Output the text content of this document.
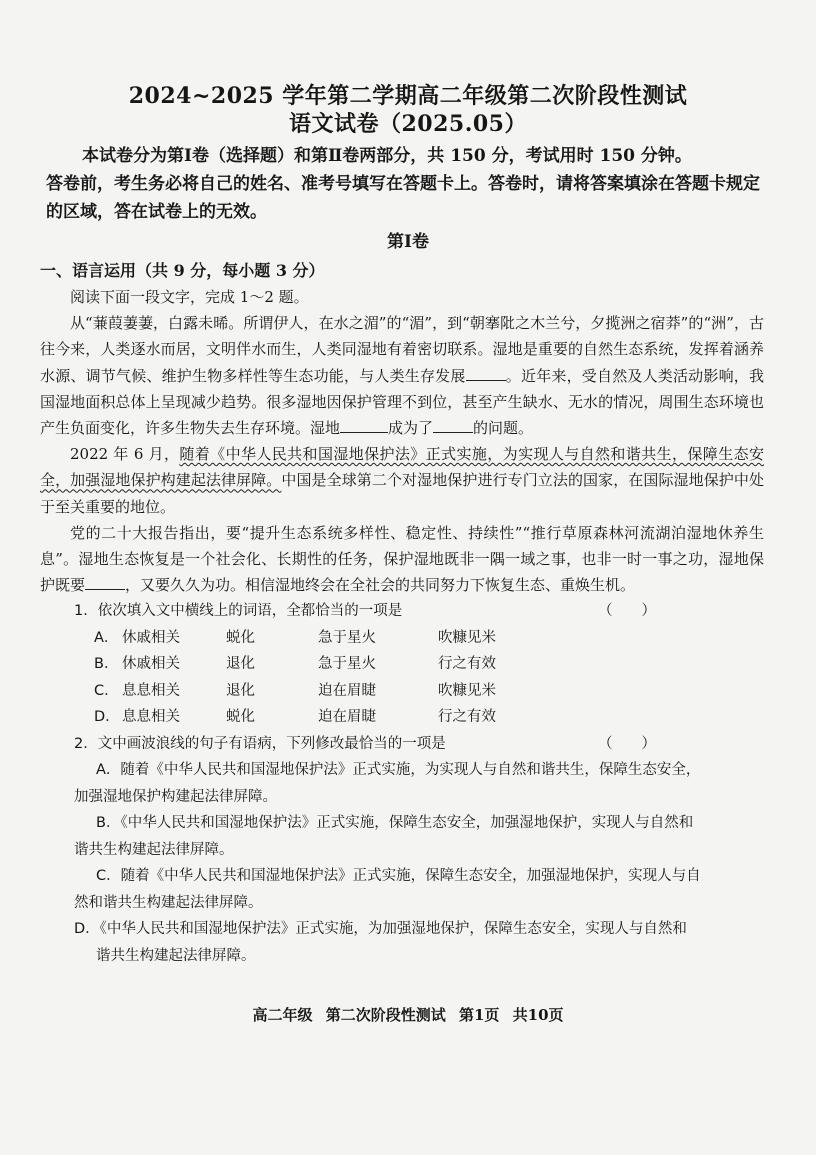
2024~2025 学年第二学期高二年级第二次阶段性测试
语文试卷（2025.05）

本试卷分为第Ⅰ卷（选择题）和第Ⅱ卷两部分，共 150 分，考试用时 150 分钟。

答卷前，考生务必将自己的姓名、准考号填写在答题卡上。答卷时，请将答案填涂在答题卡规定的区域，答在试卷上的无效。

第Ⅰ卷
一、语言运用（共 9 分，每小题 3 分）

阅读下面一段文字，完成 1～2 题。

从“蒹葭萋萋，白露未晞。所谓伊人，在水之湄”的“湄”，到“朝搴阰之木兰兮，夕揽洲之宿莽”的“洲”，古往今来，人类逐水而居，文明伴水而生，人类同湿地有着密切联系。湿地是重要的自然生态系统，发挥着涵养水源、调节气候、维护生物多样性等生态功能，与人类生存发展	。近年来，受自然及人类活动影响，我国湿地面积总体上呈现减少趋势。很多湿地因保护管理不到位，甚至产生缺水、无水的情况，周围生态环境也产生负面变化，许多生物失去生存环境。湿地	成为了	的问题。

2022 年 6 月，随着《中华人民共和国湿地保护法》正式实施，为实现人与自然和谐共生，保障生态安全，加强湿地保护构建起法律屏障。中国是全球第二个对湿地保护进行专门立法的国家，在国际湿地保护中处于至关重要的地位。

党的二十大报告指出，要“提升生态系统多样性、稳定性、持续性”“推行草原森林河流湖泊湿地休养生息”。湿地生态恢复是一个社会化、长期性的任务，保护湿地既非一隅一域之事，也非一时一事之功，湿地保护既要	，又要久久为功。相信湿地终会在全社会的共同努力下恢复生态、重焕生机。

1．依次填入文中横线上的词语，全都恰当的一项是	（　　）
A． 休戚相关	蜕化	急于星火	吹糠见米
B． 休戚相关	退化	急于星火	行之有效
C． 息息相关	退化	迫在眉睫	吹糠见米
D． 息息相关	蜕化	迫在眉睫	行之有效
2．文中画波浪线的句子有语病，下列修改最恰当的一项是	（　　）
A．随着《中华人民共和国湿地保护法》正式实施，为实现人与自然和谐共生，保障生态安全，
加强湿地保护构建起法律屏障。
B．《中华人民共和国湿地保护法》正式实施，保障生态安全，加强湿地保护，实现人与自然和
谐共生构建起法律屏障。
C．随着《中华人民共和国湿地保护法》正式实施，保障生态安全，加强湿地保护，实现人与自
然和谐共生构建起法律屏障。
D．《中华人民共和国湿地保护法》正式实施，为加强湿地保护，保障生态安全，实现人与自然和
谐共生构建起法律屏障。
高二年级 第二次阶段性测试 第1页 共10页
